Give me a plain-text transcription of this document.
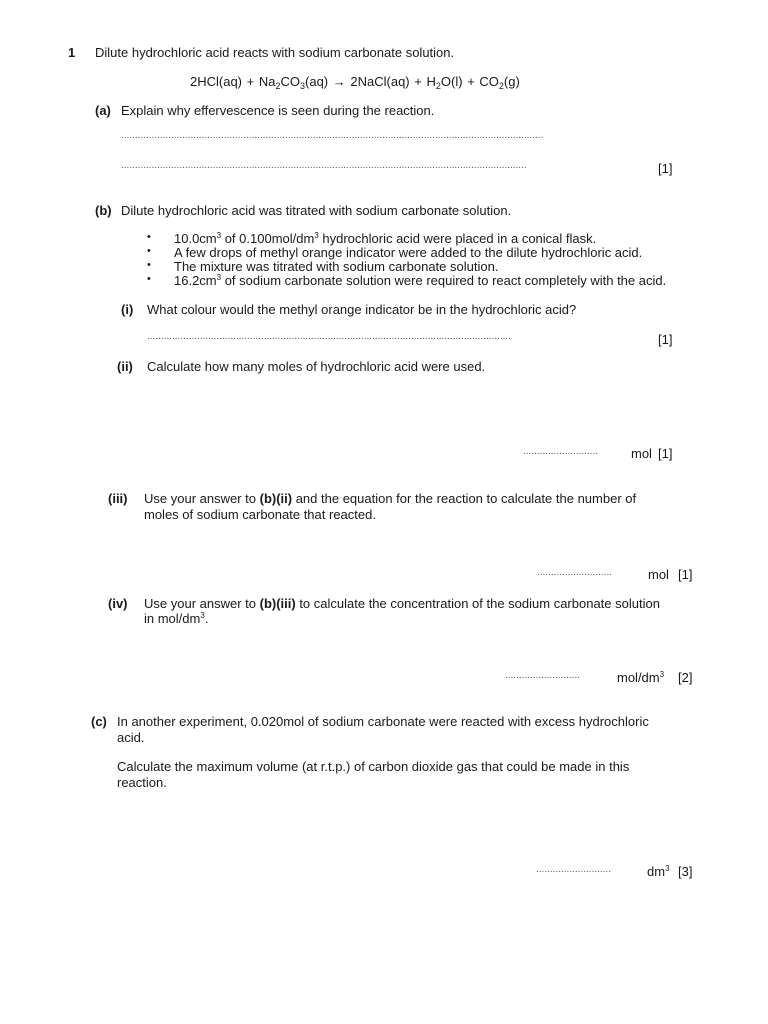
1 Dilute hydrochloric acid reacts with sodium carbonate solution.
$2HCl(aq) + Na_2CO_3(aq)$ → 2NaCl(aq) + $H_2O(l) + CO_2(g)$
(a) Explain why effervescence is seen during the reaction.
........................................................................................................................................................
..................................................................................................................................................	[1]
(b) Dilute hydrochloric acid was titrated with sodium carbonate solution.
• $10.0cm^3$ of $0.100mol/dm^3$ hydrochloric acid were placed in a conical flask.
• A few drops of methyl orange indicator were added to the dilute hydrochloric acid.
• The mixture was titrated with sodium carbonate solution.
• $16.2cm^3$ of sodium carbonate solution were required to react completely with the acid.
(i) What colour would the methyl orange indicator be in the hydrochloric acid?
...................................................................................................................................	[1]
(ii) Calculate how many moles of hydrochloric acid were used.
...........................	mol [1]
(iii) Use your answer to (b)(ii) and the equation for the reaction to calculate the number of
moles of sodium carbonate that reacted.
...........................	mol [1]
(iv) Use your answer to (b)(iii) to calculate the concentration of the sodium carbonate solution
in mol/$dm^3$.
...........................	mol/$dm^3$ [2]
(c) In another experiment, 0.020mol of sodium carbonate were reacted with excess hydrochloric
acid.
Calculate the maximum volume (at r.t.p.) of carbon dioxide gas that could be made in this
reaction.
...........................	$dm^3$ [3]
